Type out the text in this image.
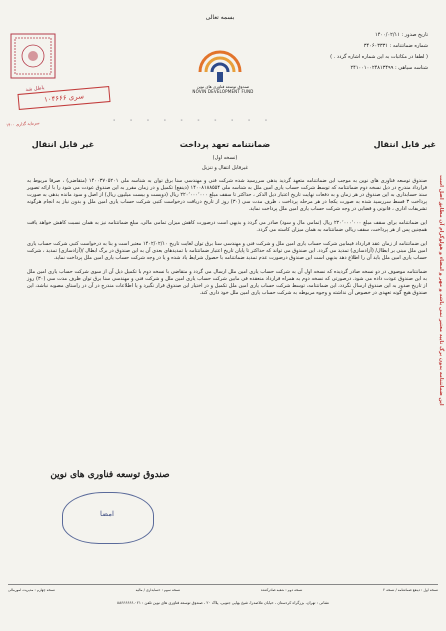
بسمه تعالی
صندوق توسعه فناوری های نوین
NOVIN DEVELOPMENT FUND
تاریخ صدور : ۱۴۰۰/۰۲/۱۱
شماره ضمانتنامه : ۳۴۰۶۰۳۳۳۱
( لطفا در مکاتبات به این شماره اشاره گردد . )
شناسه سیاهی : ۲۴۱۰۰۱۰۰۲۴۸۱۳۴۹۹
باطل شد
۱۰۴۶۶۶ سری
۰ ۰ ۰ ۰ ۰ ۰ ۰ ۰ ۰ ۰
۱۴۰۰ سرمایه گذاری
غیر قابل انتقال	غیر قابل انتقال
ضمانتنامه تعهد پرداخت
(نسخه اول)
غیرقابل انتقال و تنزیل

صندوق توسعه فناوری های نوین به موجب این ضمانتنامه متعهد گردید بدهی سررسید شده شرکت فنی و مهندسی سنا برق توان به شناسه ملی ۱۴۰۰۳۷۰۵۲۰۱ (متقاضی) ، صرفا مربوط به قرارداد مندرج در ذیل نسخه دوم ضمانتنامه که توسط شرکت حساب یاری امین ملل به شناسه ملی ۱۴۰۰۸۱۸۸۵۵۴ (ذینفع) تکمیل و در زمان مقرر به این صندوق عودت می شود را با ارائه تصویر سند حسابداری به این صندوق در هر زمان و به دفعات نهایت تاریخ اعتبار ذیل الذکر ، حداکثر تا سقف مبلغ ۲۲۰٬۰۰۰٬۰۰۰ ریال (دویست و بیست میلیون ریال) از اصل و سود مانده بدهی به صورت پرداخت ۳ قسط سررسید شده به صورت یکجا در هر مرحله پرداخت ، ظرف مدت سی (۳۰) روز از تاریخ دریافت درخواست کتبی شرکت حساب یاری امین ملل و بدون نیاز به انجام هرگونه تشریفات اداری ، قانونی و قضایی در وجه شرکت حساب یاری امین ملل پرداخت نماید.

این ضمانتنامه برای سقف مبلغ ۲۲۰٬۰۰۰٬۰۰۰ ریال (تمامی مال و سود) صادر می گردد و بدیهی است درصورت کاهش میزان تمامی مالی، مبلغ ضمانتنامه نیز به همان نسبت کاهش خواهد یافت همچنین پس از هر پرداخت، سقف ریالی ضمانتنامه به همان میزان کاسته می گردد.

این ضمانتنامه از زمان عقد قرارداد فیمابین شرکت حساب یاری امین ملل و شرکت فنی و مهندسی سنا برق توان لغایت تاریخ ۱۴۰۲/۰۲/۱۰ معتبر است و بنا به درخواست کتبی شرکت حساب یاری امین ملل مبنی بر ابطال/ (آزادسازی) تمدید می گردد. این صندوق می تواند که حداکثر تا پایان تاریخ اعتبار ضمانتنامه با تمدیدهای بعدی آن به این صندوق در برگ ابطال /(آزادسازی) تمدید ، شرکت حساب یاری امین ملل باید آن را اطلاع دهد بدیهی است این صندوق درصورت عدم تمدید ضمانتنامه با حصول شرایط یاد شده و یا در وجه شرکت حساب یاری امین ملل پرداخت نماید.

ضمانتنامه موصوف در دو نسخه صادر گردیده که نسخه اول آن به شرکت حساب یاری امین ملل ارسال می گردد و متقاضی با نسخه دوم با تکمیل ذیل آن از سوی شرکت حساب یاری امین ملل به این صندوق عودت داده می شود. درصورتی که نسخه دوم به همراه قرارداد منعقده فی مابین شرکت حساب یاری امین ملل و شرکت فنی و مهندسی سنا برق توان ظرف مدت سی (۳۰) روز از تاریخ صدور به این صندوق ارسال نگردد، این ضمانتنامه، توسط شرکت حساب یاری امین ملل تکمیل و در اختیار این صندوق قرار نگیرد و یا اطلاعات مندرج در آن در راستای مصوبه نباشد، این صندوق هیچ گونه تعهدی در خصوص آن نداشته و وجوه مربوطه به شرکت حساب یاری امین ملل خود داری کند.	این ضمانتنامه بدون برگ تایید معتبر نمی باشد و مهر و امضاء و هولوگرام آن مطابق اصل است
صندوق توسعه فناوری های نوین
امضا
نسخه اول : ذینفع ضمانتنامه / نسخه ۲
نسخه دوم : شعبه صادرکننده
نسخه سوم : حسابداری / مالیه
نسخه چهارم : مدیریت امورمالی
نشانی : تهران، بزرگراه کردستان ، خیابان ملاصدرا، شیخ بهایی جنوبی، پلاک ۲۰ ، صندوق توسعه فناوری های نوین تلفن : ۰۲۱-۸۸۶۶۶۶۶۶
